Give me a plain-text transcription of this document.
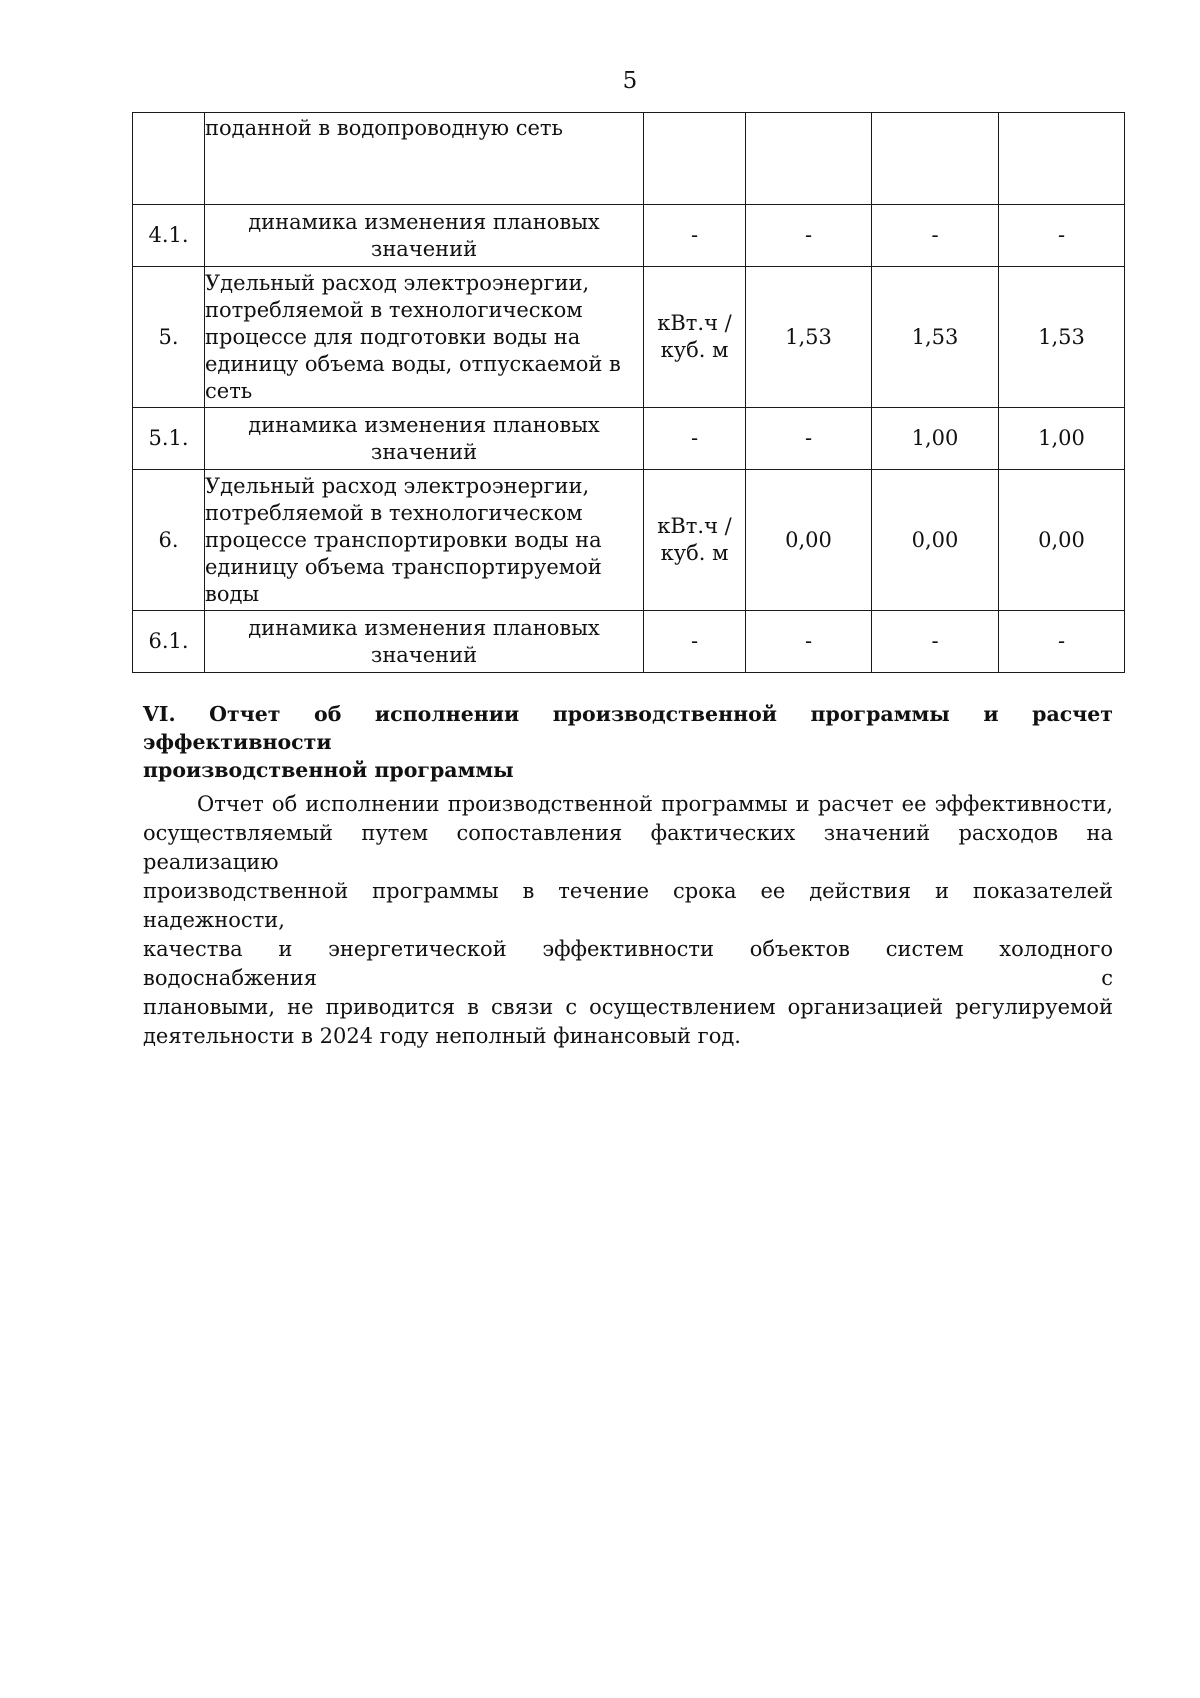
5
	поданной в водопроводную сеть				
4.1.	динамика изменения плановых значений	-	-	-	-
5.	Удельный расход электроэнергии, потребляемой в технологическом процессе для подготовки воды на единицу объема воды, отпускаемой в сеть	кВт.ч / куб. м	1,53	1,53	1,53
5.1.	динамика изменения плановых значений	-	-	1,00	1,00
6.	Удельный расход электроэнергии, потребляемой в технологическом процессе транспортировки воды на единицу объема транспортируемой воды	кВт.ч / куб. м	0,00	0,00	0,00
6.1.	динамика изменения плановых значений	-	-	-	-
VI. Отчет об исполнении производственной программы и расчет эффективности
производственной программы
Отчет об исполнении производственной программы и расчет ее эффективности,
осуществляемый путем сопоставления фактических значений расходов на реализацию
производственной программы в течение срока ее действия и показателей надежности,
качества и энергетической эффективности объектов систем холодного водоснабжения с
плановыми, не приводится в связи с осуществлением организацией регулируемой
деятельности в 2024 году неполный финансовый год.
